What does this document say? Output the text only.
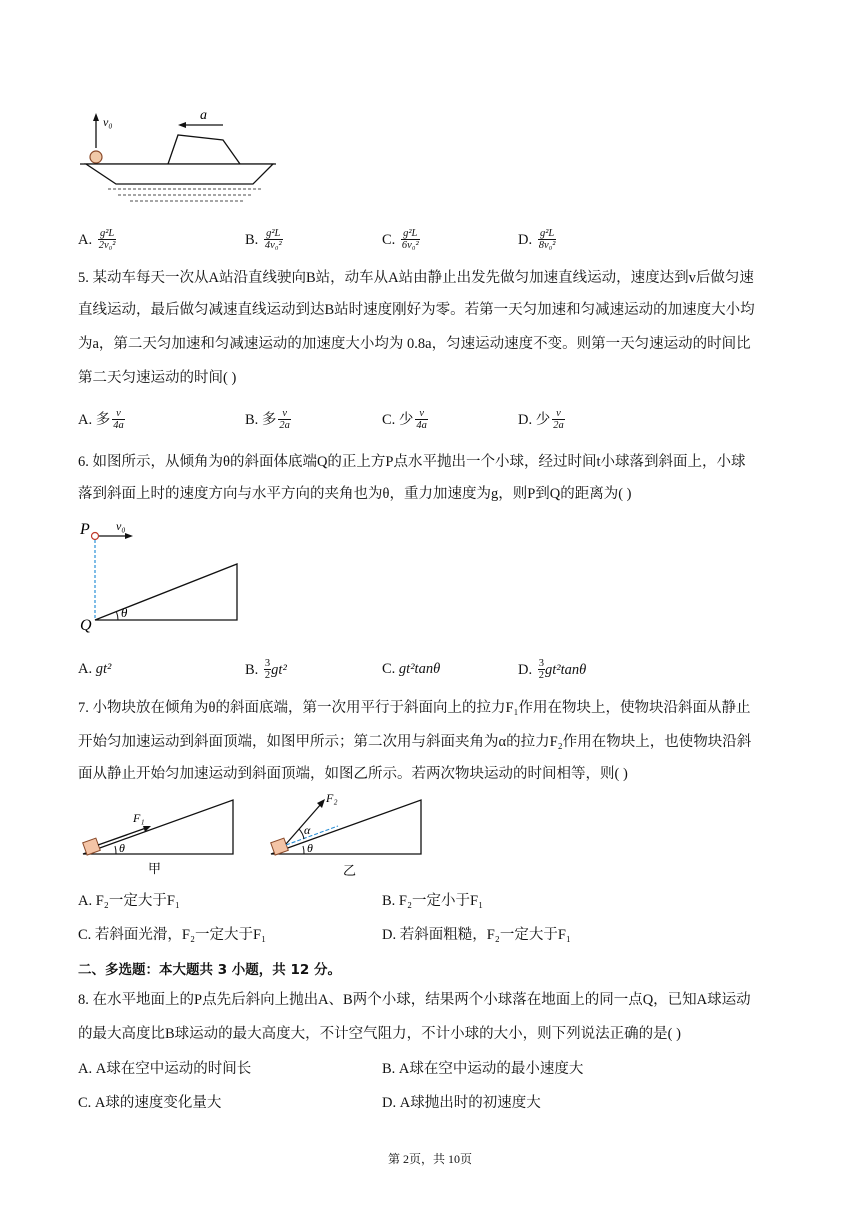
v₀	a
A. $\frac{\text{g²L}}{\text{2v₀²}}$	B. $\frac{\text{g²L}}{\text{4v₀²}}$	C. $\frac{\text{g²L}}{\text{6v₀²}}$	D. $\frac{\text{g²L}}{\text{8v₀²}}$
5. 某动车每天一次从A站沿直线驶向B站，动车从A站由静止出发先做匀加速直线运动，速度达到v后做匀速
直线运动，最后做匀减速直线运动到达B站时速度刚好为零。若第一天匀加速和匀减速运动的加速度大小均
为a，第二天匀加速和匀减速运动的加速度大小均为 0.8a，匀速运动速度不变。则第一天匀速运动的时间比
第二天匀速运动的时间( )
A. 多 $\frac{v}{4a}$	B. 多 $\frac{v}{2a}$	C. 少 $\frac{v}{4a}$	D. 少 $\frac{v}{2a}$
6. 如图所示，从倾角为θ的斜面体底端Q的正上方P点水平抛出一个小球，经过时间t小球落到斜面上，小球
落到斜面上时的速度方向与水平方向的夹角也为θ，重力加速度为g，则P到Q的距离为( )
P v₀
θ
Q
A. gt²	B. $\frac{3}{2} gt^2$	C. gt²tanθ	D. $\frac{3}{2} gt^2\tan\theta$
7. 小物块放在倾角为θ的斜面底端，第一次用平行于斜面向上的拉力F₁作用在物块上，使物块沿斜面从静止
开始匀加速运动到斜面顶端，如图甲所示；第二次用与斜面夹角为α的拉力F₂作用在物块上，也使物块沿斜
面从静止开始匀加速运动到斜面顶端，如图乙所示。若两次物块运动的时间相等，则( )
F₁
θ
甲
F₂
α
θ
乙
A. F₂一定大于F₁	B. F₂一定小于F₁
C. 若斜面光滑，F₂一定大于F₁	D. 若斜面粗糙，F₂一定大于F₁
二、多选题：本大题共 3 小题，共 12 分。
8. 在水平地面上的P点先后斜向上抛出A、B两个小球，结果两个小球落在地面上的同一点Q，已知A球运动
的最大高度比B球运动的最大高度大，不计空气阻力，不计小球的大小，则下列说法正确的是( )
A. A球在空中运动的时间长	B. A球在空中运动的最小速度大
C. A球的速度变化量大	D. A球抛出时的初速度大
第 2页，共 10页
